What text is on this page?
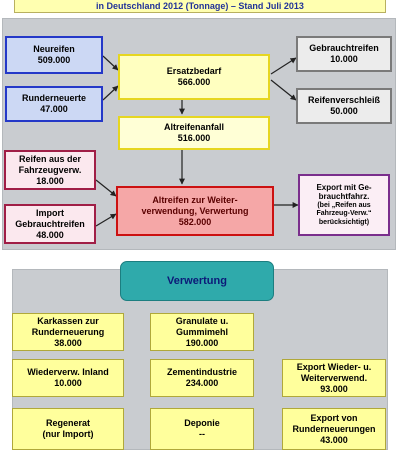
in Deutschland 2012 (Tonnage) – Stand Juli 2013
Neureifen
509.000
Runderneuerte
47.000
Ersatzbedarf
566.000
Gebrauchtreifen
10.000
Reifenverschleiß
50.000
Altreifenanfall
516.000
Reifen aus der
Fahrzeugverw.
18.000
Import
Gebrauchtreifen
48.000
Altreifen zur Weiter-
verwendung, Verwertung
582.000
Export mit Ge-
brauchtfahrz.
(bei „Reifen aus
Fahrzeug-Verw.“
berücksichtigt)
Verwertung
Karkassen zur
Runderneuerung
38.000
Granulate u.
Gummimehl
190.000
Wiederverw. Inland
10.000
Zementindustrie
234.000
Export Wieder- u.
Weiterverwend.
93.000
Regenerat
(nur Import)
Deponie
--
Export von
Runderneuerungen
43.000
